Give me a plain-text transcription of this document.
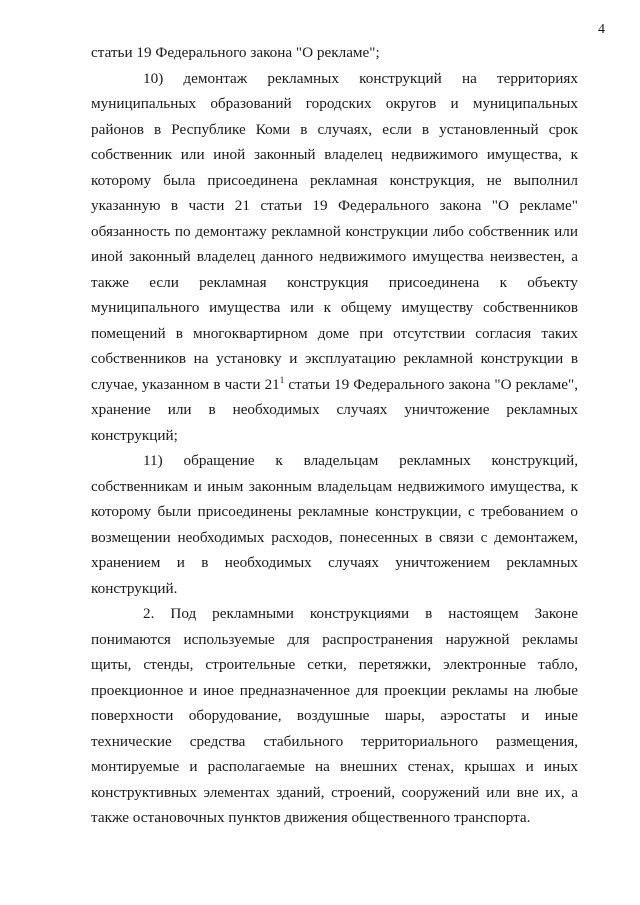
4

статьи 19 Федерального закона "О рекламе";

10) демонтаж рекламных конструкций на территориях муниципальных образований городских округов и муниципальных районов в Республике Коми в случаях, если в установленный срок собственник или иной законный владелец недвижимого имущества, к которому была присоединена рекламная конструкция, не выполнил указанную в части 21 статьи 19 Федерального закона "О рекламе" обязанность по демонтажу рекламной конструкции либо собственник или иной законный владелец данного недвижимого имущества неизвестен, а также если рекламная конструкция присоединена к объекту муниципального имущества или к общему имуществу собственников помещений в многоквартирном доме при отсутствии согласия таких собственников на установку и эксплуатацию рекламной конструкции в случае, указанном в части $21^1$ статьи 19 Федерального закона "О рекламе", хранение или в необходимых случаях уничтожение рекламных конструкций;

11) обращение к владельцам рекламных конструкций, собственникам и иным законным владельцам недвижимого имущества, к которому были присоединены рекламные конструкции, с требованием о возмещении необходимых расходов, понесенных в связи с демонтажем, хранением и в необходимых случаях уничтожением рекламных конструкций.

2. Под рекламными конструкциями в настоящем Законе понимаются используемые для распространения наружной рекламы щиты, стенды, строительные сетки, перетяжки, электронные табло, проекционное и иное предназначенное для проекции рекламы на любые поверхности оборудование, воздушные шары, аэростаты и иные технические средства стабильного территориального размещения, монтируемые и располагаемые на внешних стенах, крышах и иных конструктивных элементах зданий, строений, сооружений или вне их, а также остановочных пунктов движения общественного транспорта.
